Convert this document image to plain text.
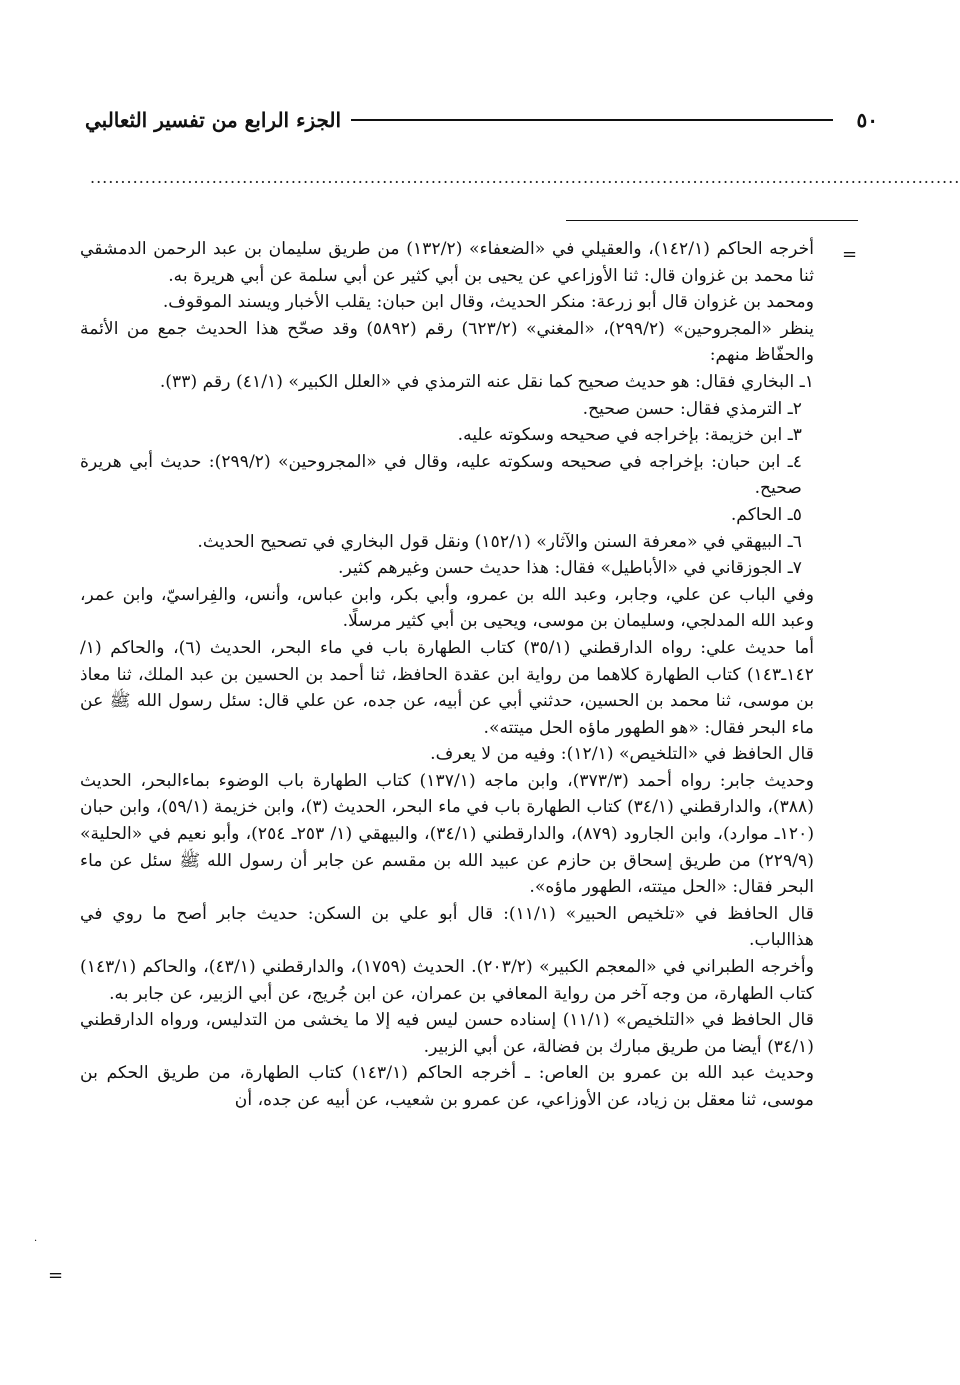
٥٠
الجزء الرابع من تفسير الثعالبي
...............................................................................................................................................
=
·

أخرجه الحاكم (١٤٢/١)، والعقيلي في «الضعفاء» (١٣٢/٢) من طريق سليمان بن عبد الرحمن الدمشقي ثنا محمد بن غزوان قال: ثنا الأوزاعي عن يحيى بن أبي كثير عن أبي سلمة عن أبي هريرة به.

ومحمد بن غزوان قال أبو زرعة: منكر الحديث، وقال ابن حبان: يقلب الأخبار ويسند الموقوف.

ينظر «المجروحين» (٢٩٩/٢)، «المغني» (٦٢٣/٢) رقم (٥٨٩٢) وقد صحّح هذا الحديث جمع من الأئمة والحفّاظ منهم:

١ـ البخاري فقال: هو حديث صحيح كما نقل عنه الترمذي في «العلل الكبير» (٤١/١) رقم (٣٣).

٢ـ الترمذي فقال: حسن صحيح.

٣ـ ابن خزيمة: بإخراجه في صحيحه وسكوته عليه.

٤ـ ابن حبان: بإخراجه في صحيحه وسكوته عليه، وقال في «المجروحين» (٢٩٩/٢): حديث أبي هريرة صحيح.

٥ـ الحاكم.

٦ـ البيهقي في «معرفة السنن والآثار» (١٥٢/١) ونقل قول البخاري في تصحيح الحديث.

٧ـ الجوزقاني في «الأباطيل» فقال: هذا حديث حسن وغيرهم كثير.

وفي الباب عن علي، وجابر، وعبد الله بن عمرو، وأبي بكر، وابن عباس، وأنس، والفِراسيّ، وابن عمر، وعبد الله المدلجي، وسليمان بن موسى، ويحيى بن أبي كثير مرسلًا.

أما حديث علي: رواه الدارقطني (٣٥/١) كتاب الطهارة باب في ماء البحر، الحديث (٦)، والحاكم (١/ ١٤٢ـ١٤٣) كتاب الطهارة كلاهما من رواية ابن عقدة الحافظ، ثنا أحمد بن الحسين بن عبد الملك، ثنا معاذ بن موسى، ثنا محمد بن الحسين، حدثني أبي عن أبيه، عن جده، عن علي قال: سئل رسول الله ﷺ عن ماء البحر فقال: «هو الطهور ماؤه الحل ميتته».

قال الحافظ في «التلخيص» (١٢/١): وفيه من لا يعرف.

وحديث جابر: رواه أحمد (٣٧٣/٣)، وابن ماجه (١٣٧/١) كتاب الطهارة باب الوضوء بماءالبحر، الحديث (٣٨٨)، والدارقطني (٣٤/١) كتاب الطهارة باب في ماء البحر، الحديث (٣)، وابن خزيمة (٥٩/١)، وابن حبان (١٢٠ـ موارد)، وابن الجارود (٨٧٩)، والدارقطني (٣٤/١)، والبيهقي (١/ ٢٥٣ـ ٢٥٤)، وأبو نعيم في «الحلية» (٢٢٩/٩) من طريق إسحاق بن حازم عن عبيد الله بن مقسم عن جابر أن رسول الله ﷺ سئل عن ماء البحر فقال: «الحل ميتته، الطهور ماؤه».

قال الحافظ في «تلخيص الحبير» (١١/١): قال أبو علي بن السكن: حديث جابر أصح ما روي في هذاالباب.

وأخرجه الطبراني في «المعجم الكبير» (٢٠٣/٢). الحديث (١٧٥٩)، والدارقطني (٤٣/١)، والحاكم (١٤٣/١) كتاب الطهارة، من وجه آخر من رواية المعافي بن عمران، عن ابن جُريج، عن أبي الزبير، عن جابر به.

قال الحافظ في «التلخيص» (١١/١) إسناده حسن ليس فيه إلا ما يخشى من التدليس، ورواه الدارقطني (٣٤/١) أيضا من طريق مبارك بن فضالة، عن أبي الزبير.

وحديث عبد الله بن عمرو بن العاص: ـ أخرجه الحاكم (١٤٣/١) كتاب الطهارة، من طريق الحكم بن موسى، ثنا معقل بن زياد، عن الأوزاعي، عن عمرو بن شعيب، عن أبيه عن جده، أن

=
